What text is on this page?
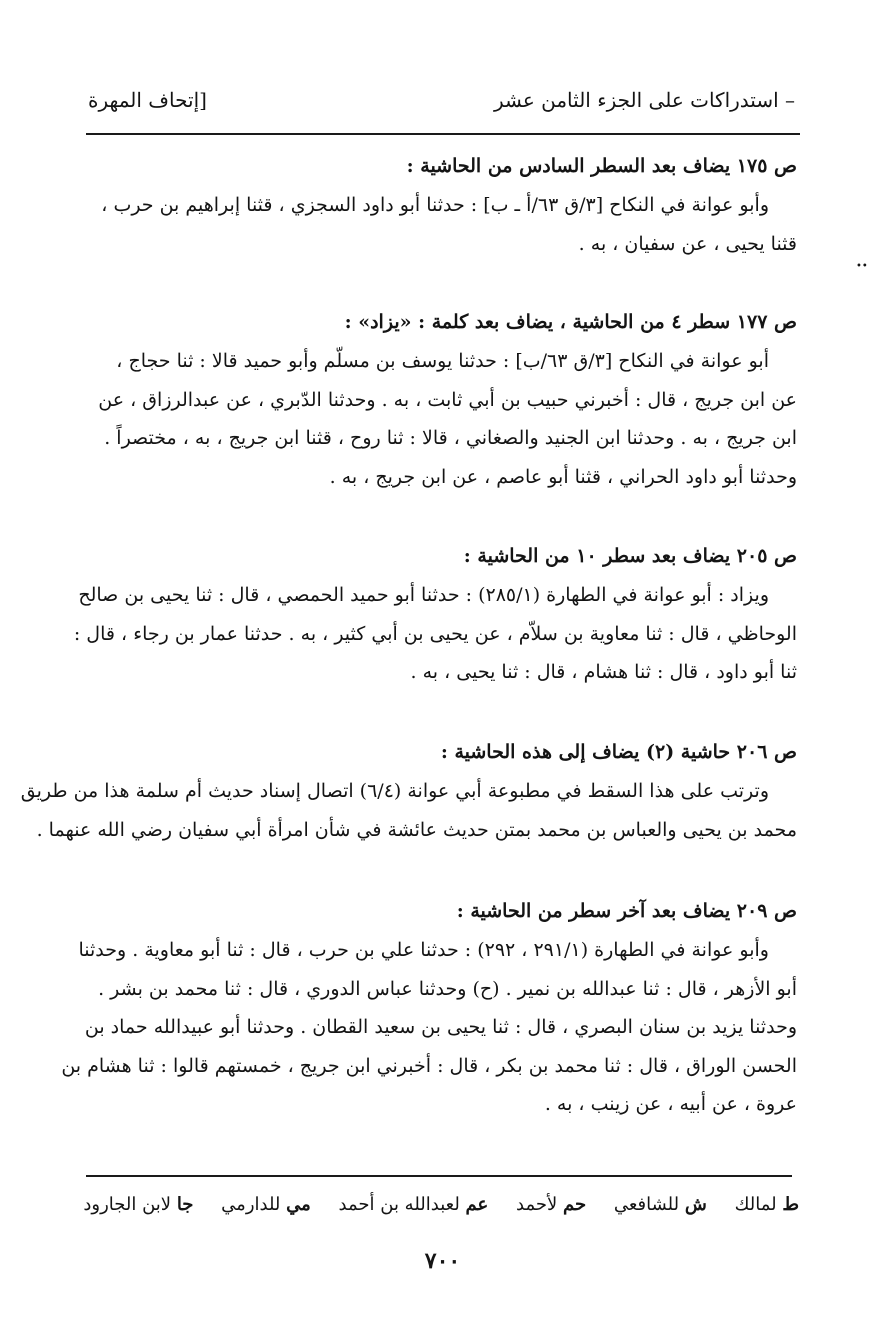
– استدراكات على الجزء الثامن عشر
[إتحاف المهرة
••
ص ١٧٥ يضاف بعد السطر السادس من الحاشية :
وأبو عوانة في النكاح [٣/ق ٦٣/أ ـ ب] : حدثنا أبو داود السجزي ، قثنا إبراهيم بن حرب ،
قثنا يحيى ، عن سفيان ، به .
ص ١٧٧ سطر ٤ من الحاشية ، يضاف بعد كلمة : «يزاد» :
أبو عوانة في النكاح [٣/ق ٦٣/ب] : حدثنا يوسف بن مسلّم وأبو حميد قالا : ثنا حجاج ،
عن ابن جريج ، قال : أخبرني حبيب بن أبي ثابت ، به . وحدثنا الدّبري ، عن عبدالرزاق ، عن
ابن جريج ، به . وحدثنا ابن الجنيد والصغاني ، قالا : ثنا روح ، قثنا ابن جريج ، به ، مختصراً .
وحدثنا أبو داود الحراني ، قثنا أبو عاصم ، عن ابن جريج ، به .
ص ٢٠٥ يضاف بعد سطر ١٠ من الحاشية :
ويزاد : أبو عوانة في الطهارة (٢٨٥/١) : حدثنا أبو حميد الحمصي ، قال : ثنا يحيى بن صالح
الوحاظي ، قال : ثنا معاوية بن سلاّم ، عن يحيى بن أبي كثير ، به . حدثنا عمار بن رجاء ، قال :
ثنا أبو داود ، قال : ثنا هشام ، قال : ثنا يحيى ، به .
ص ٢٠٦ حاشية (٢) يضاف إلى هذه الحاشية :
وترتب على هذا السقط في مطبوعة أبي عوانة (٦/٤) اتصال إسناد حديث أم سلمة هذا من طريق
محمد بن يحيى والعباس بن محمد بمتن حديث عائشة في شأن امرأة أبي سفيان رضي الله عنهما .
ص ٢٠٩ يضاف بعد آخر سطر من الحاشية :
وأبو عوانة في الطهارة (٢٩١/١ ، ٢٩٢) : حدثنا علي بن حرب ، قال : ثنا أبو معاوية . وحدثنا
أبو الأزهر ، قال : ثنا عبدالله بن نمير . (ح) وحدثنا عباس الدوري ، قال : ثنا محمد بن بشر .
وحدثنا يزيد بن سنان البصري ، قال : ثنا يحيى بن سعيد القطان . وحدثنا أبو عبيدالله حماد بن
الحسن الوراق ، قال : ثنا محمد بن بكر ، قال : أخبرني ابن جريج ، خمستهم قالوا : ثنا هشام بن
عروة ، عن أبيه ، عن زينب ، به .
ط لمالك ش للشافعي حم لأحمد عم لعبدالله بن أحمد مي للدارمي جا لابن الجارود
٧٠٠
